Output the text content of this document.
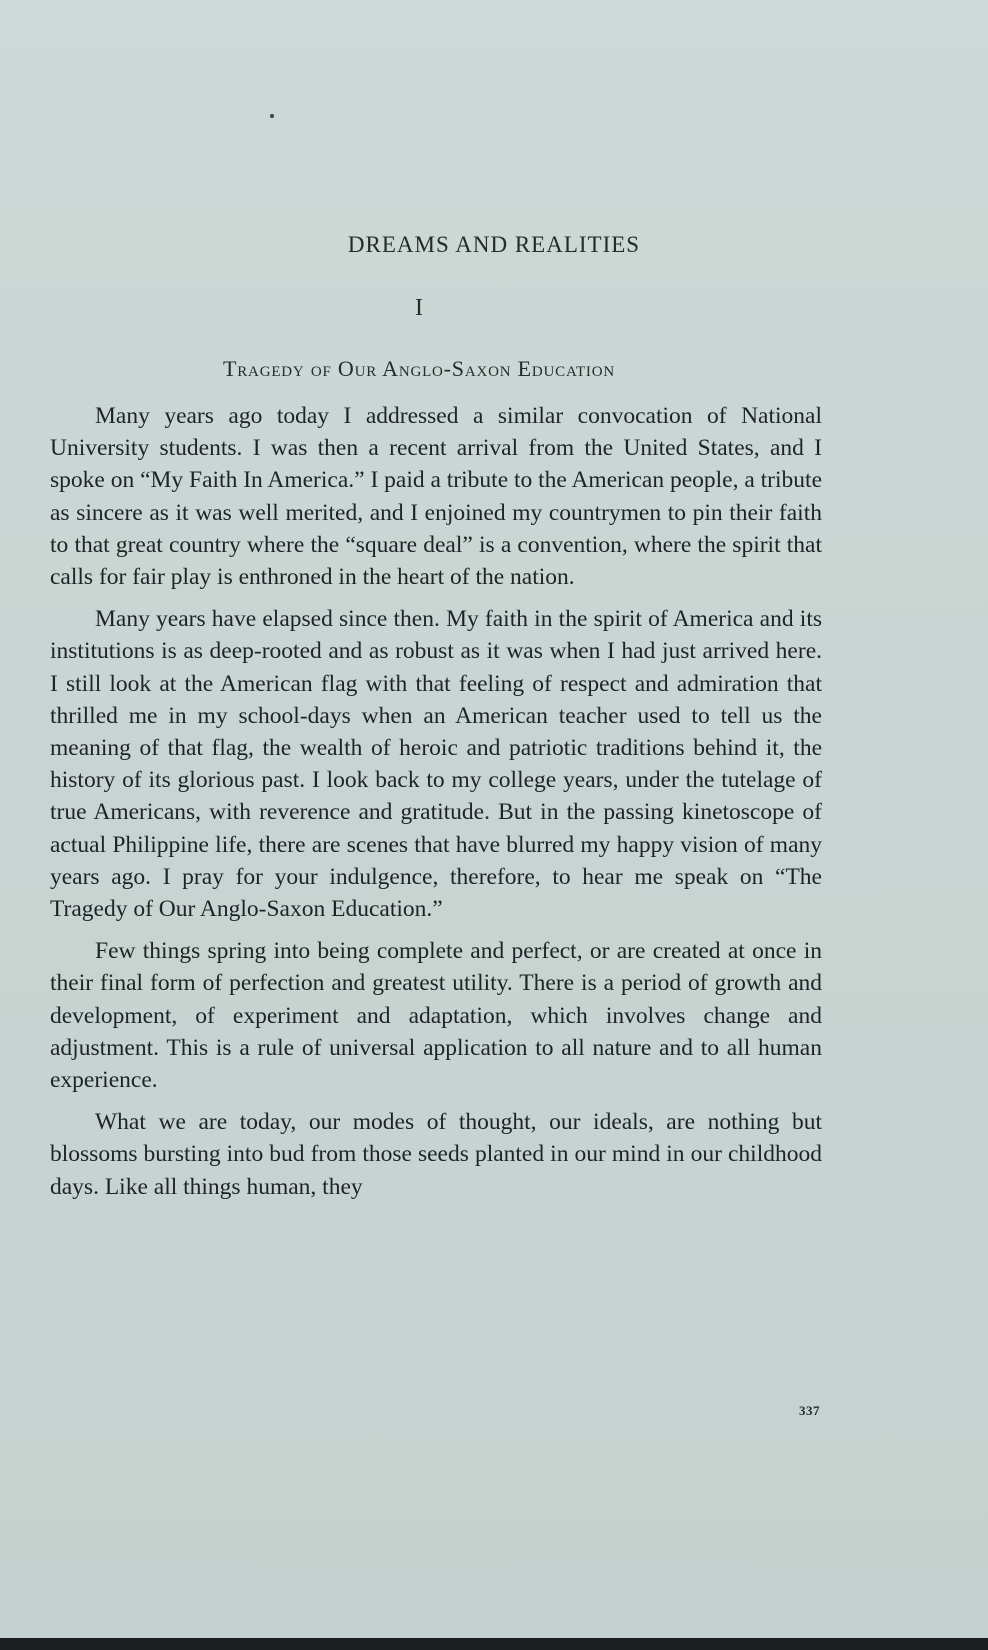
DREAMS AND REALITIES
I
Tragedy of Our Anglo-Saxon Education

Many years ago today I addressed a similar convocation of National University students. I was then a recent arrival from the United States, and I spoke on “My Faith In America.” I paid a tribute to the American people, a tribute as sincere as it was well merited, and I enjoined my countrymen to pin their faith to that great country where the “square deal” is a convention, where the spirit that calls for fair play is enthroned in the heart of the nation.

Many years have elapsed since then. My faith in the spirit of America and its institutions is as deep-rooted and as robust as it was when I had just arrived here. I still look at the American flag with that feeling of respect and admiration that thrilled me in my school-days when an American teacher used to tell us the meaning of that flag, the wealth of heroic and patriotic traditions behind it, the history of its glorious past. I look back to my college years, under the tutelage of true Americans, with reverence and gratitude. But in the passing kinetoscope of actual Philippine life, there are scenes that have blurred my happy vision of many years ago. I pray for your indulgence, therefore, to hear me speak on “The Tragedy of Our Anglo-Saxon Education.”

Few things spring into being complete and perfect, or are created at once in their final form of perfection and greatest utility. There is a period of growth and development, of experiment and adaptation, which involves change and adjustment. This is a rule of universal application to all nature and to all human experience.

What we are today, our modes of thought, our ideals, are nothing but blossoms bursting into bud from those seeds planted in our mind in our childhood days. Like all things human, they

337
